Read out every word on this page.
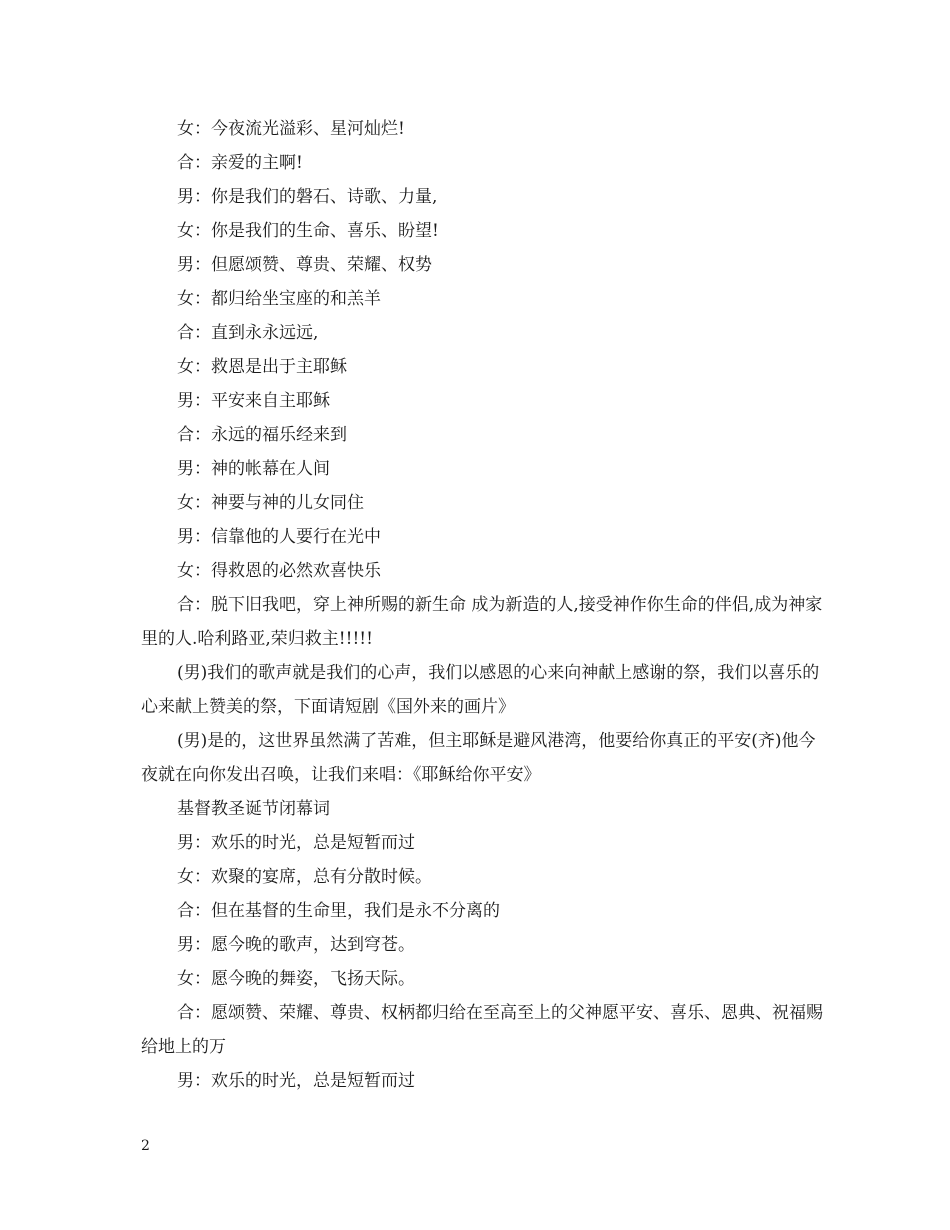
女：今夜流光溢彩、星河灿烂!

合：亲爱的主啊!

男：你是我们的磐石、诗歌、力量,

女：你是我们的生命、喜乐、盼望!

男：但愿颂赞、尊贵、荣耀、权势

女：都归给坐宝座的和羔羊

合：直到永永远远,

女：救恩是出于主耶稣

男：平安来自主耶稣

合：永远的福乐经来到

男：神的帐幕在人间

女：神要与神的儿女同住

男：信靠他的人要行在光中

女：得救恩的必然欢喜快乐

合：脱下旧我吧，穿上神所赐的新生命 成为新造的人,接受神作你生命的伴侣,成为神家里的人.哈利路亚,荣归救主!!!!!

(男)我们的歌声就是我们的心声，我们以感恩的心来向神献上感谢的祭，我们以喜乐的心来献上赞美的祭，下面请短剧《国外来的画片》

(男)是的，这世界虽然满了苦难，但主耶稣是避风港湾，他要给你真正的平安(齐)他今夜就在向你发出召唤，让我们来唱：《耶稣给你平安》

基督教圣诞节闭幕词

男：欢乐的时光，总是短暂而过

女：欢聚的宴席，总有分散时候。

合：但在基督的生命里，我们是永不分离的

男：愿今晚的歌声，达到穹苍。

女：愿今晚的舞姿，飞扬天际。

合：愿颂赞、荣耀、尊贵、权柄都归给在至高至上的父神愿平安、喜乐、恩典、祝福赐给地上的万

男：欢乐的时光，总是短暂而过

2
